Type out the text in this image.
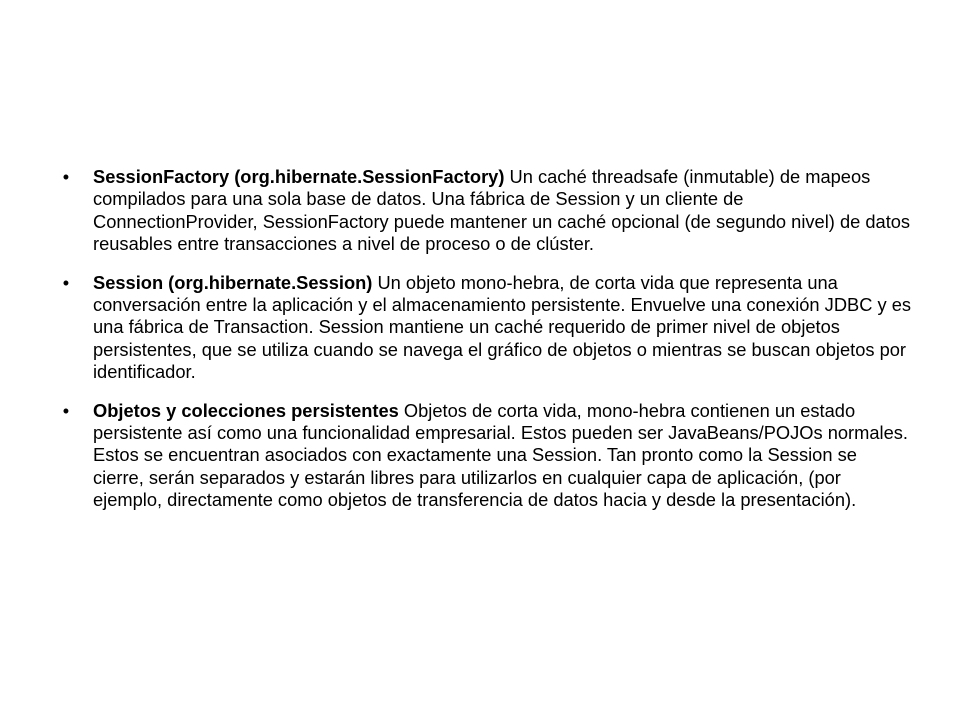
• SessionFactory (org.hibernate.SessionFactory) Un caché threadsafe (inmutable) de mapeos compilados para una sola base de datos. Una fábrica de Session y un cliente de ConnectionProvider, SessionFactory puede mantener un caché opcional (de segundo nivel) de datos reusables entre transacciones a nivel de proceso o de clúster.
• Session (org.hibernate.Session) Un objeto mono-hebra, de corta vida que representa una conversación entre la aplicación y el almacenamiento persistente. Envuelve una conexión JDBC y es una fábrica de Transaction. Session mantiene un caché requerido de primer nivel de objetos persistentes, que se utiliza cuando se navega el gráfico de objetos o mientras se buscan objetos por identificador.
• Objetos y colecciones persistentes Objetos de corta vida, mono-hebra contienen un estado persistente así como una funcionalidad empresarial. Estos pueden ser JavaBeans/POJOs normales. Estos se encuentran asociados con exactamente una Session. Tan pronto como la Session se cierre, serán separados y estarán libres para utilizarlos en cualquier capa de aplicación, (por ejemplo, directamente como objetos de transferencia de datos hacia y desde la presentación).
